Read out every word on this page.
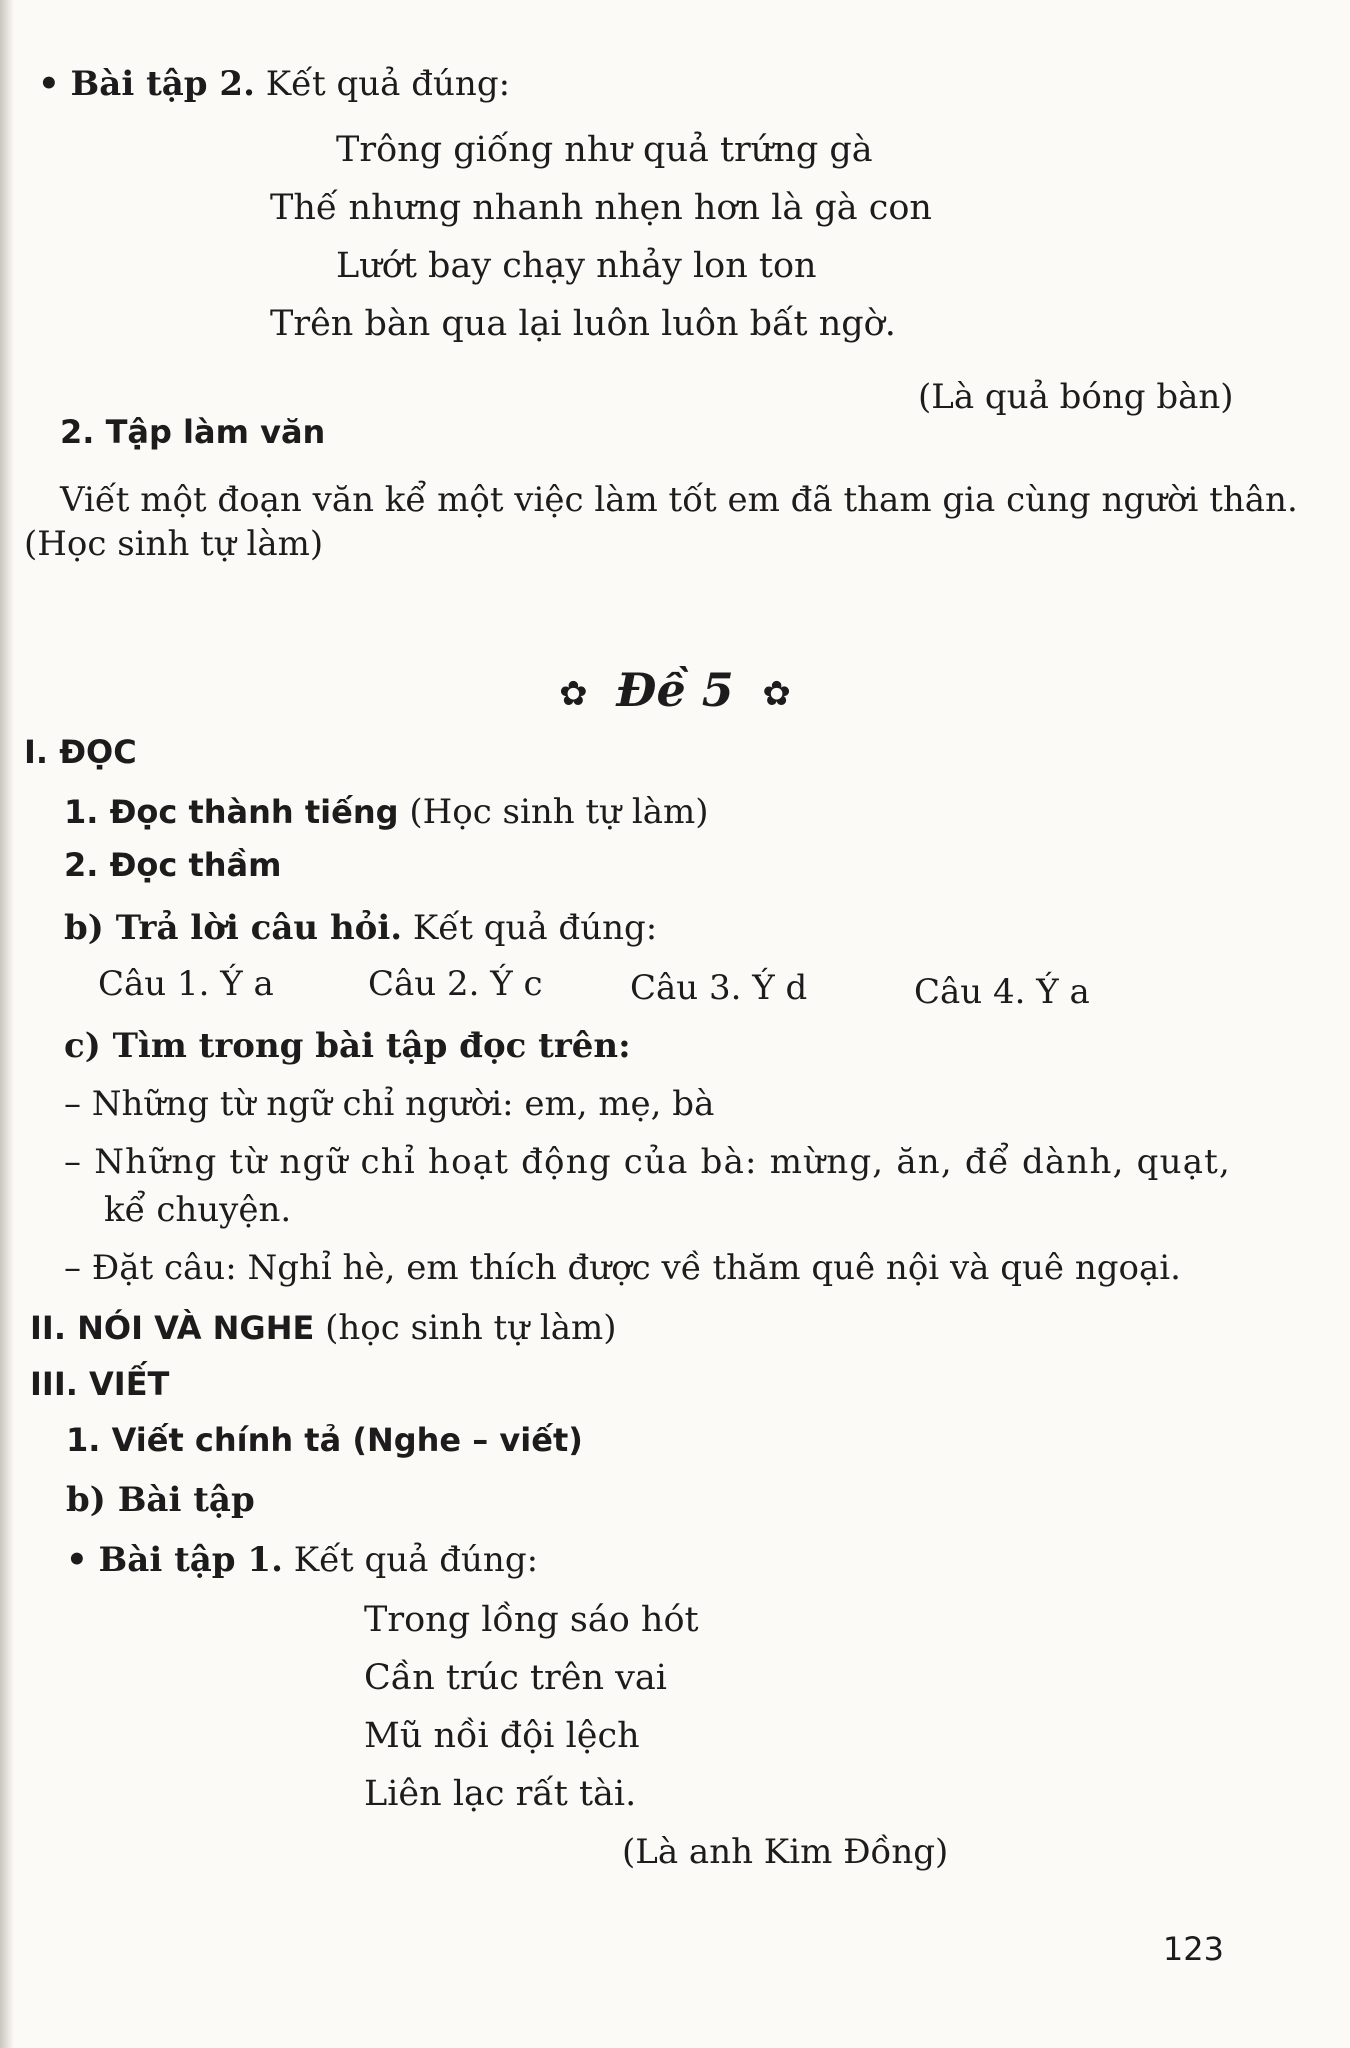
• Bài tập 2. Kết quả đúng:
Trông giống như quả trứng gà
Thế nhưng nhanh nhẹn hơn là gà con
Lướt bay chạy nhảy lon ton
Trên bàn qua lại luôn luôn bất ngờ.
(Là quả bóng bàn)
2. Tập làm văn
Viết một đoạn văn kể một việc làm tốt em đã tham gia cùng người thân.
(Học sinh tự làm)
✿ Đề 5 ✿
I. ĐỌC
1. Đọc thành tiếng (Học sinh tự làm)
2. Đọc thầm
b) Trả lời câu hỏi. Kết quả đúng:
Câu 1. Ý a	Câu 2. Ý c	Câu 3. Ý d	Câu 4. Ý a
c) Tìm trong bài tập đọc trên:
– Những từ ngữ chỉ người: em, mẹ, bà
– Những từ ngữ chỉ hoạt động của bà: mừng, ăn, để dành, quạt,
kể chuyện.
– Đặt câu: Nghỉ hè, em thích được về thăm quê nội và quê ngoại.
II. NÓI VÀ NGHE (học sinh tự làm)
III. VIẾT
1. Viết chính tả (Nghe – viết)
b) Bài tập
• Bài tập 1. Kết quả đúng:
Trong lồng sáo hót
Cần trúc trên vai
Mũ nồi đội lệch
Liên lạc rất tài.
(Là anh Kim Đồng)
123
